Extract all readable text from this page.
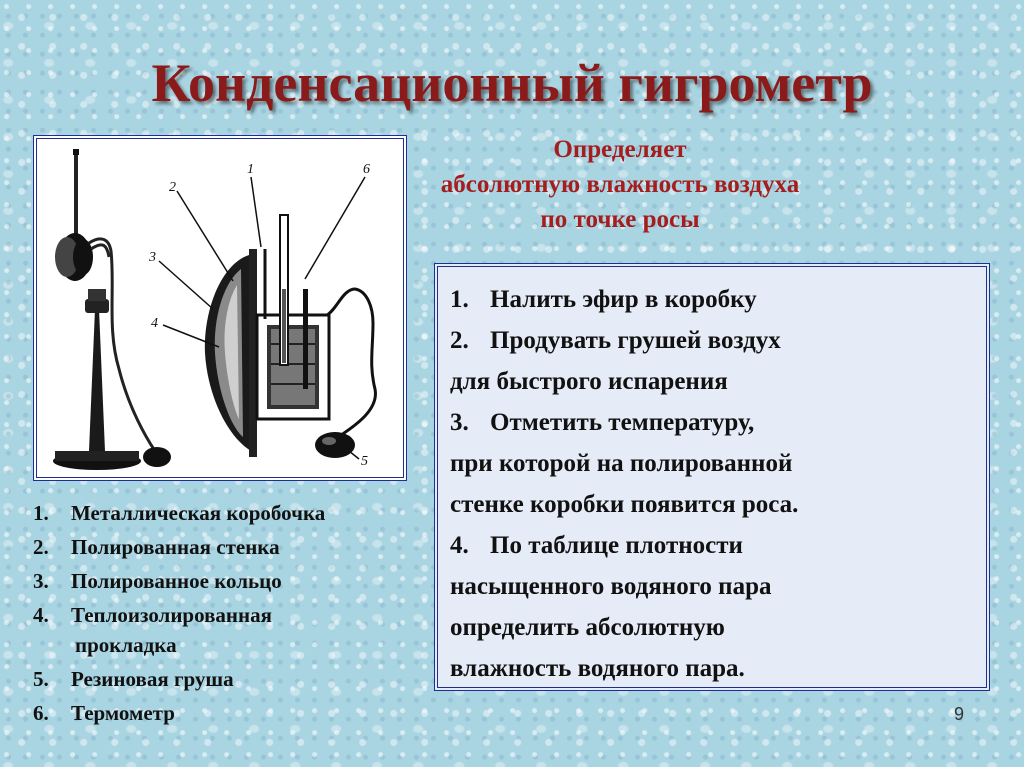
Конденсационный гигрометр
Определяет
абсолютную влажность воздуха
по точке росы
1
2
3
4
5
6
1.	Металлическая коробочка
2.	Полированная стенка
3.	Полированное кольцо
4.	Теплоизолированная
прокладка
5.	Резиновая груша
6.	Термометр
1. Налить эфир в коробку
2. Продувать грушей воздух
для быстрого испарения
3. Отметить температуру,
при которой на полированной
стенке коробки появится роса.
4. По таблице плотности
насыщенного водяного пара
определить абсолютную
влажность водяного пара.
9
